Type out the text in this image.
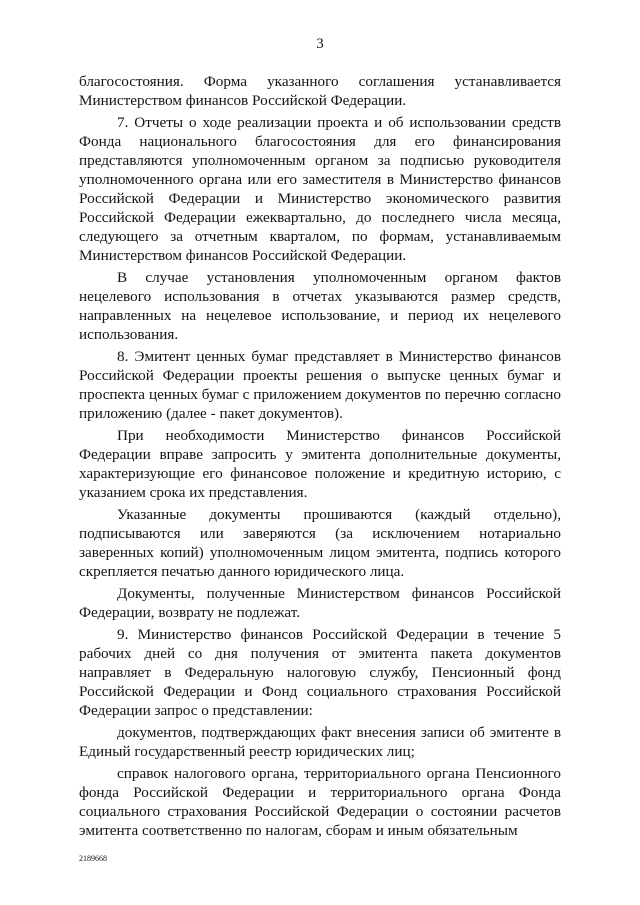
3

благосостояния. Форма указанного соглашения устанавливается Министерством финансов Российской Федерации.

7. Отчеты о ходе реализации проекта и об использовании средств Фонда национального благосостояния для его финансирования представляются уполномоченным органом за подписью руководителя уполномоченного органа или его заместителя в Министерство финансов Российской Федерации и Министерство экономического развития Российской Федерации ежеквартально, до последнего числа месяца, следующего за отчетным кварталом, по формам, устанавливаемым Министерством финансов Российской Федерации.

В случае установления уполномоченным органом фактов нецелевого использования в отчетах указываются размер средств, направленных на нецелевое использование, и период их нецелевого использования.

8. Эмитент ценных бумаг представляет в Министерство финансов Российской Федерации проекты решения о выпуске ценных бумаг и проспекта ценных бумаг с приложением документов по перечню согласно приложению (далее - пакет документов).

При необходимости Министерство финансов Российской Федерации вправе запросить у эмитента дополнительные документы, характеризующие его финансовое положение и кредитную историю, с указанием срока их представления.

Указанные документы прошиваются (каждый отдельно), подписываются или заверяются (за исключением нотариально заверенных копий) уполномоченным лицом эмитента, подпись которого скрепляется печатью данного юридического лица.

Документы, полученные Министерством финансов Российской Федерации, возврату не подлежат.

9. Министерство финансов Российской Федерации в течение 5 рабочих дней со дня получения от эмитента пакета документов направляет в Федеральную налоговую службу, Пенсионный фонд Российской Федерации и Фонд социального страхования Российской Федерации запрос о представлении:

документов, подтверждающих факт внесения записи об эмитенте в Единый государственный реестр юридических лиц;

справок налогового органа, территориального органа Пенсионного фонда Российской Федерации и территориального органа Фонда социального страхования Российской Федерации о состоянии расчетов эмитента соответственно по налогам, сборам и иным обязательным

2189668
